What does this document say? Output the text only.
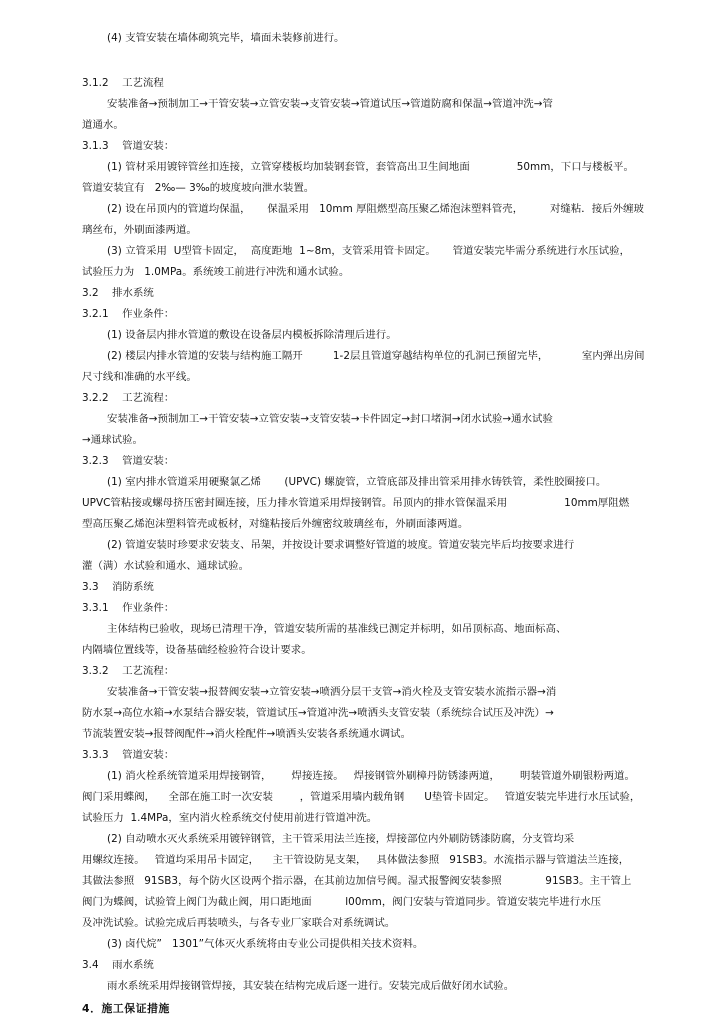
(4) 支管安装在墙体砌筑完毕，墙面未装修前进行。
3.1.2    工艺流程
安装准备→预制加工→干管安装→立管安装→支管安装→管道试压→管道防腐和保温→管道冲洗→管
道通水。
3.1.3    管道安装：
(1) 管材采用镀锌管丝扣连接，立管穿楼板均加装钢套管，套管高出卫生间地面              50mm，下口与楼板平。
管道安装宜有   2‰— 3‰的坡度坡向泄水装置。
(2) 设在吊顶内的管道均保温，     保温采用   10mm 厚阻燃型高压聚乙烯泡沫塑料管壳，        对缝粘．接后外缠玻
璃丝布，外刷面漆两道。
(3) 立管采用  U型管卡固定，  高度距地  1~8m，支管采用管卡固定。     管道安装完毕需分系统进行水压试验，
试验压力为   1.0MPa。系统竣工前进行冲洗和通水试验。
3.2    排水系统
3.2.1    作业条件：
(1) 设备层内排水管道的敷设在设备层内模板拆除清理后进行。
(2) 楼层内排水管道的安装与结构施工隔开         1-2层且管道穿越结构单位的孔洞已预留完毕，          室内弹出房间
尺寸线和准确的水平线。
3.2.2    工艺流程：
安装准备→预制加工→干管安装→立管安装→支管安装→卡件固定→封口堵洞→闭水试验→通水试验
→通球试验。
3.2.3    管道安装：
(1) 室内排水管道采用硬聚氯乙烯       (UPVC) 螺旋管，立管底部及排出管采用排水铸铁管，柔性胶圈接口。
UPVC管粘接或螺母挤压密封圈连接，压力排水管道采用焊接钢管。吊顶内的排水管保温采用                 10mm厚阻燃
型高压聚乙烯泡沫塑料管壳或板材，对缝粘接后外缠密纹玻璃丝布，外刷面漆两道。
(2) 管道安装时珍要求安装支、吊架，并按设计要求调整好管道的坡度。管道安装完毕后均按要求进行
灌（满）水试验和通水、通球试验。
3.3    消防系统
3.3.1    作业条件：
主体结构已验收，现场已清理干净，管道安装所需的基准线已测定并标明，如吊顶标高、地面标高、
内隔墙位置线等，设备基础经检验符合设计要求。
3.3.2    工艺流程：
安装准备→干管安装→报替阀安装→立管安装→喷洒分层干支管→消火栓及支管安装水流指示器→消
防水泵→高位水箱→水泵结合器安装，管道试压→管道冲洗→喷洒头支管安装（系统综合试压及冲洗）→
节流装置安装→报替阀配件→消火栓配件→喷洒头安装各系统通水调试。
3.3.3    管道安装：
(1) 消火栓系统管道采用焊接钢管，      焊接连接。   焊接钢管外刷樟丹防锈漆两道，      明装管道外刷银粉两道。
阀门采用蝶阀，    全部在施工时一次安装        ，管道采用墙内载角钢      U垫管卡固定。   管道安装完毕进行水压试验，
试验压力  1.4MPa，室内消火栓系统交付使用前进行管道冲洗。
(2) 自动喷水灭火系统采用镀锌钢管，主干管采用法兰连接，焊接部位内外刷防锈漆防腐，分支管均采
用螺纹连接。   管道均采用吊卡固定，    主干管设防晃支架，   具体做法参照   91SB3。水流指示器与管道法兰连接，
其做法参照   91SB3，每个防火区设两个指示器，在其前边加信号阀。湿式报警阀安装参照             91SB3。主干管上
阀门为蝶阀，试验管上阀门为截止阀，用口距地面          l00mm，阀门安装与管道同步。管道安装完毕进行水压
及冲洗试验。试验完成后再装喷头，与各专业厂家联合对系统调试。
(3) 卤代烷”   1301”气体灭火系统将由专业公司提供相关技术资料。
3.4    雨水系统
雨水系统采用焊接钢管焊接，其安装在结构完成后逐一进行。安装完成后做好闭水试验。
4．施工保证措施
